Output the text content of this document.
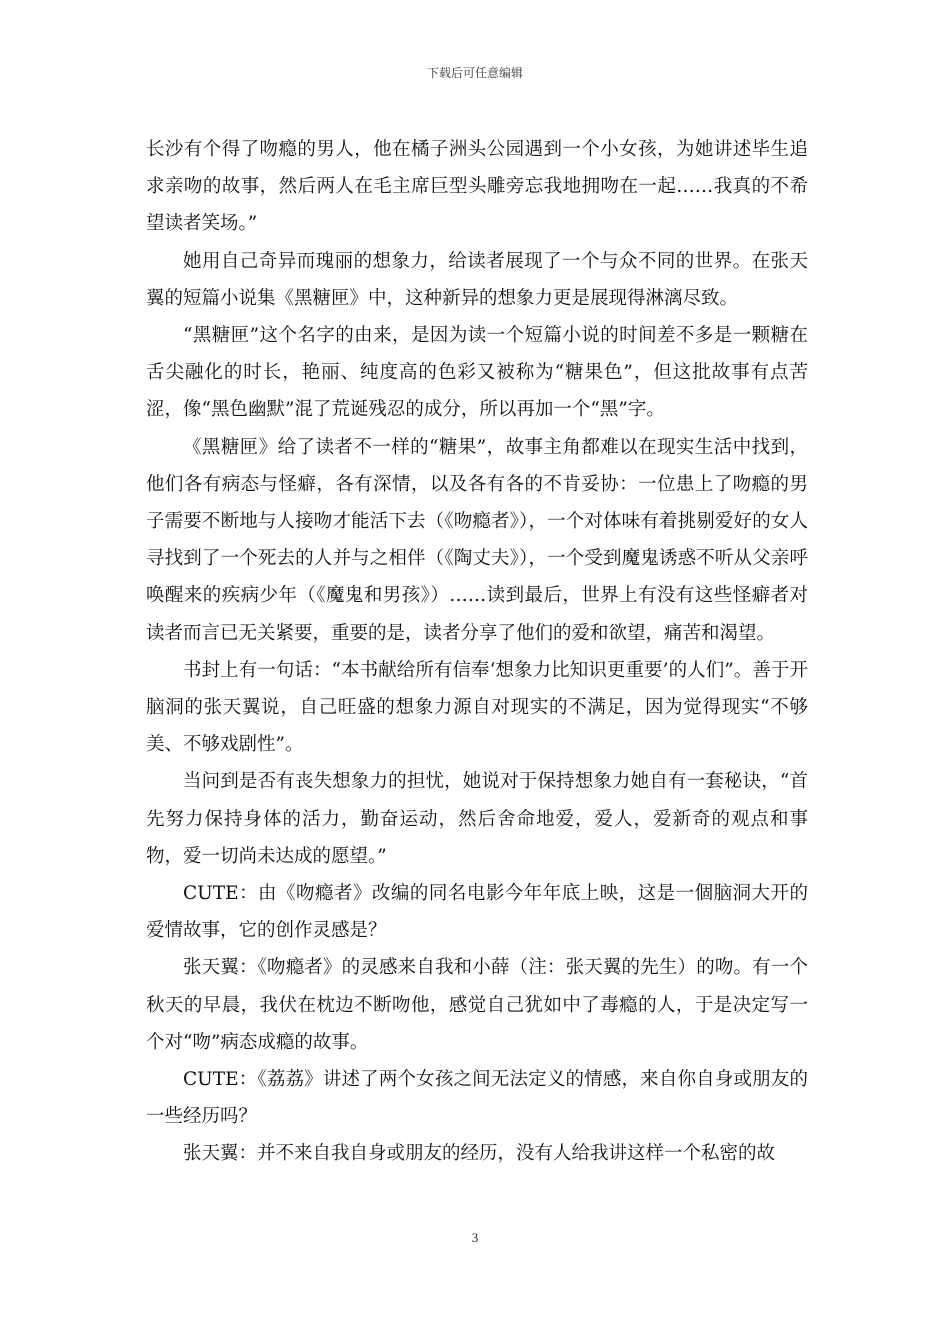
下载后可任意编辑

长沙有个得了吻瘾的男人，他在橘子洲头公园遇到一个小女孩，为她讲述毕生追求亲吻的故事，然后两人在毛主席巨型头雕旁忘我地拥吻在一起……我真的不希望读者笑场。”

她用自己奇异而瑰丽的想象力，给读者展现了一个与众不同的世界。在张天翼的短篇小说集《黑糖匣》中，这种新异的想象力更是展现得淋漓尽致。

“黑糖匣”这个名字的由来，是因为读一个短篇小说的时间差不多是一颗糖在舌尖融化的时长，艳丽、纯度高的色彩又被称为“糖果色”，但这批故事有点苦涩，像“黑色幽默”混了荒诞残忍的成分，所以再加一个“黑”字。

《黑糖匣》给了读者不一样的“糖果”，故事主角都难以在现实生活中找到，他们各有病态与怪癖，各有深情，以及各有各的不肯妥协：一位患上了吻瘾的男子需要不断地与人接吻才能活下去（《吻瘾者》），一个对体味有着挑剔爱好的女人寻找到了一个死去的人并与之相伴（《陶丈夫》），一个受到魔鬼诱惑不听从父亲呼唤醒来的疾病少年（《魔鬼和男孩》）……读到最后，世界上有没有这些怪癖者对读者而言已无关紧要，重要的是，读者分享了他们的爱和欲望，痛苦和渴望。

书封上有一句话：“本书献给所有信奉‘想象力比知识更重要’的人们”。善于开脑洞的张天翼说，自己旺盛的想象力源自对现实的不满足，因为觉得现实“不够美、不够戏剧性”。

当问到是否有丧失想象力的担忧，她说对于保持想象力她自有一套秘诀，“首先努力保持身体的活力，勤奋运动，然后舍命地爱，爱人，爱新奇的观点和事物，爱一切尚未达成的愿望。”

CUTE：由《吻瘾者》改编的同名电影今年年底上映，这是一個脑洞大开的爱情故事，它的创作灵感是？

张天翼：《吻瘾者》的灵感来自我和小薛（注：张天翼的先生）的吻。有一个秋天的早晨，我伏在枕边不断吻他，感觉自己犹如中了毒瘾的人，于是决定写一个对“吻”病态成瘾的故事。

CUTE：《荔荔》讲述了两个女孩之间无法定义的情感，来自你自身或朋友的一些经历吗？

张天翼：并不来自我自身或朋友的经历，没有人给我讲这样一个私密的故

3
